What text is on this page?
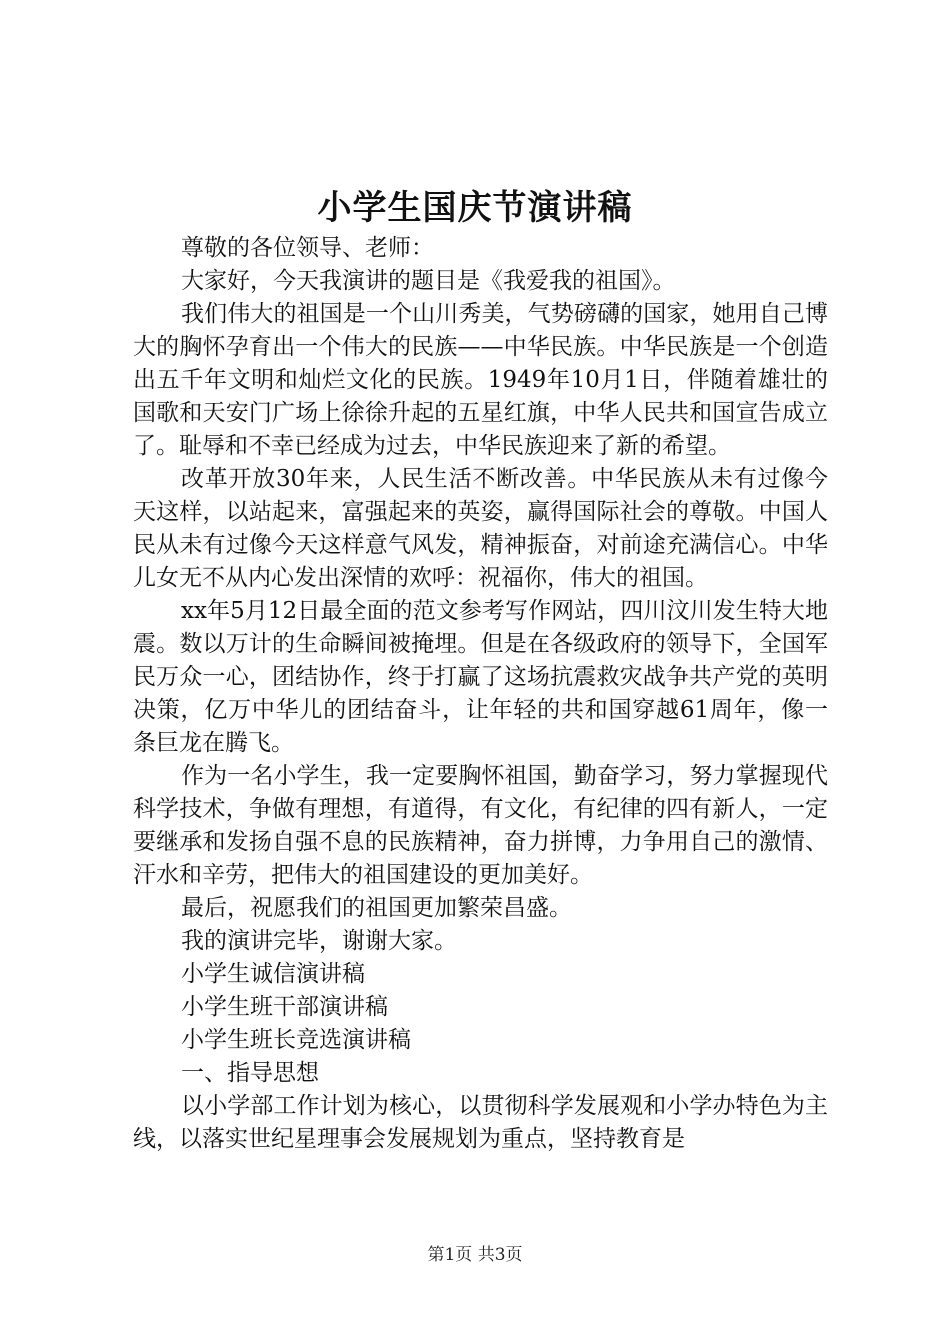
小学生国庆节演讲稿

尊敬的各位领导、老师：

大家好，今天我演讲的题目是《我爱我的祖国》。

我们伟大的祖国是一个山川秀美，气势磅礴的国家，她用自己博大的胸怀孕育出一个伟大的民族——中华民族。中华民族是一个创造出五千年文明和灿烂文化的民族。1949年10月1日，伴随着雄壮的国歌和天安门广场上徐徐升起的五星红旗，中华人民共和国宣告成立了。耻辱和不幸已经成为过去，中华民族迎来了新的希望。

改革开放30年来，人民生活不断改善。中华民族从未有过像今天这样，以站起来，富强起来的英姿，赢得国际社会的尊敬。中国人民从未有过像今天这样意气风发，精神振奋，对前途充满信心。中华儿女无不从内心发出深情的欢呼：祝福你，伟大的祖国。

xx年5月12日最全面的范文参考写作网站，四川汶川发生特大地震。数以万计的生命瞬间被掩埋。但是在各级政府的领导下，全国军民万众一心，团结协作，终于打赢了这场抗震救灾战争共产党的英明决策，亿万中华儿的团结奋斗，让年轻的共和国穿越61周年，像一条巨龙在腾飞。

作为一名小学生，我一定要胸怀祖国，勤奋学习，努力掌握现代科学技术，争做有理想，有道得，有文化，有纪律的四有新人，一定要继承和发扬自强不息的民族精神，奋力拼博，力争用自己的激情、汗水和辛劳，把伟大的祖国建设的更加美好。

最后，祝愿我们的祖国更加繁荣昌盛。

我的演讲完毕，谢谢大家。

小学生诚信演讲稿

小学生班干部演讲稿

小学生班长竞选演讲稿

一、指导思想

以小学部工作计划为核心，以贯彻科学发展观和小学办特色为主线，以落实世纪星理事会发展规划为重点，坚持教育是

第1页 共3页
